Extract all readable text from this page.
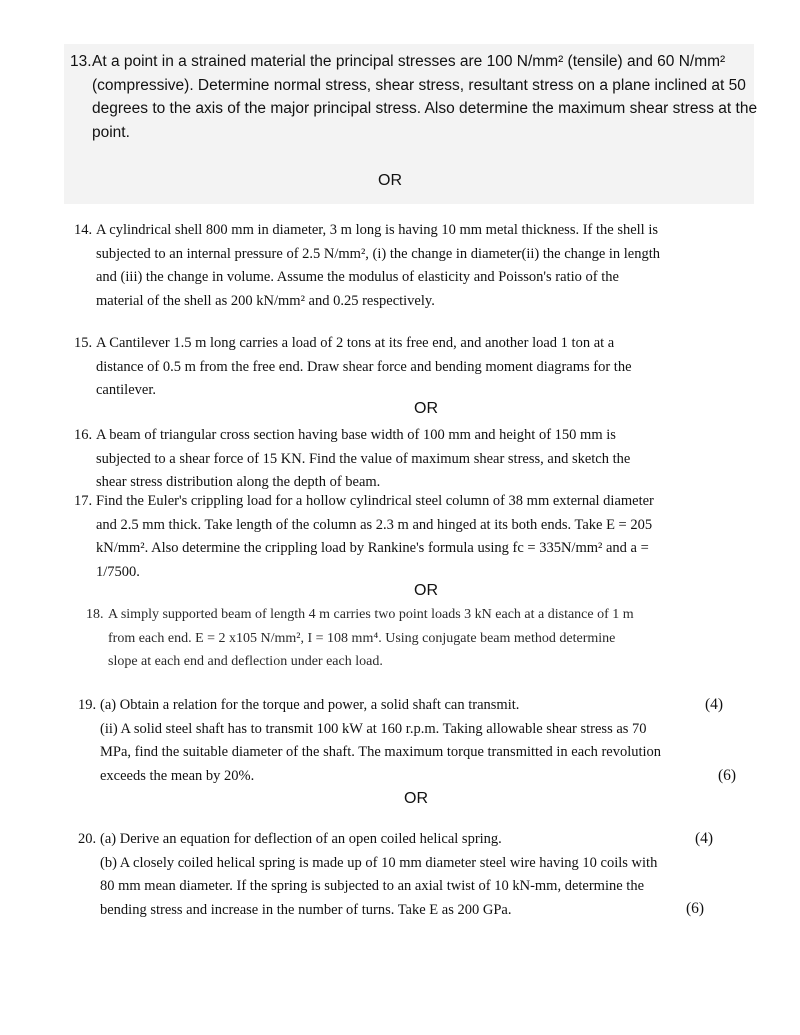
13. At a point in a strained material the principal stresses are 100 N/mm² (tensile) and 60 N/mm²
(compressive). Determine normal stress, shear stress, resultant stress on a plane inclined at 50
degrees to the axis of the major principal stress. Also determine the maximum shear stress at the
point.
OR
14. A cylindrical shell 800 mm in diameter, 3 m long is having 10 mm metal thickness. If the shell is
subjected to an internal pressure of 2.5 N/mm², (i) the change in diameter(ii) the change in length
and (iii) the change in volume. Assume the modulus of elasticity and Poisson's ratio of the
material of the shell as 200 kN/mm² and 0.25 respectively.
15. A Cantilever 1.5 m long carries a load of 2 tons at its free end, and another load 1 ton at a
distance of 0.5 m from the free end. Draw shear force and bending moment diagrams for the
cantilever.
OR
16. A beam of triangular cross section having base width of 100 mm and height of 150 mm is
subjected to a shear force of 15 KN. Find the value of maximum shear stress, and sketch the
shear stress distribution along the depth of beam.
17. Find the Euler's crippling load for a hollow cylindrical steel column of 38 mm external diameter
and 2.5 mm thick. Take length of the column as 2.3 m and hinged at its both ends. Take E = 205
kN/mm². Also determine the crippling load by Rankine's formula using fc = 335N/mm² and a =
1/7500.
OR
18. A simply supported beam of length 4 m carries two point loads 3 kN each at a distance of 1 m
from each end. E = 2 x105 N/mm², I = 108 mm⁴. Using conjugate beam method determine
slope at each end and deflection under each load.
19. (a) Obtain a relation for the torque and power, a solid shaft can transmit.
(ii) A solid steel shaft has to transmit 100 kW at 160 r.p.m. Taking allowable shear stress as 70
MPa, find the suitable diameter of the shaft. The maximum torque transmitted in each revolution
exceeds the mean by 20%.
(4)
(6)
OR
20. (a) Derive an equation for deflection of an open coiled helical spring.
(b) A closely coiled helical spring is made up of 10 mm diameter steel wire having 10 coils with
80 mm mean diameter. If the spring is subjected to an axial twist of 10 kN-mm, determine the
bending stress and increase in the number of turns. Take E as 200 GPa.
(4)
(6)
